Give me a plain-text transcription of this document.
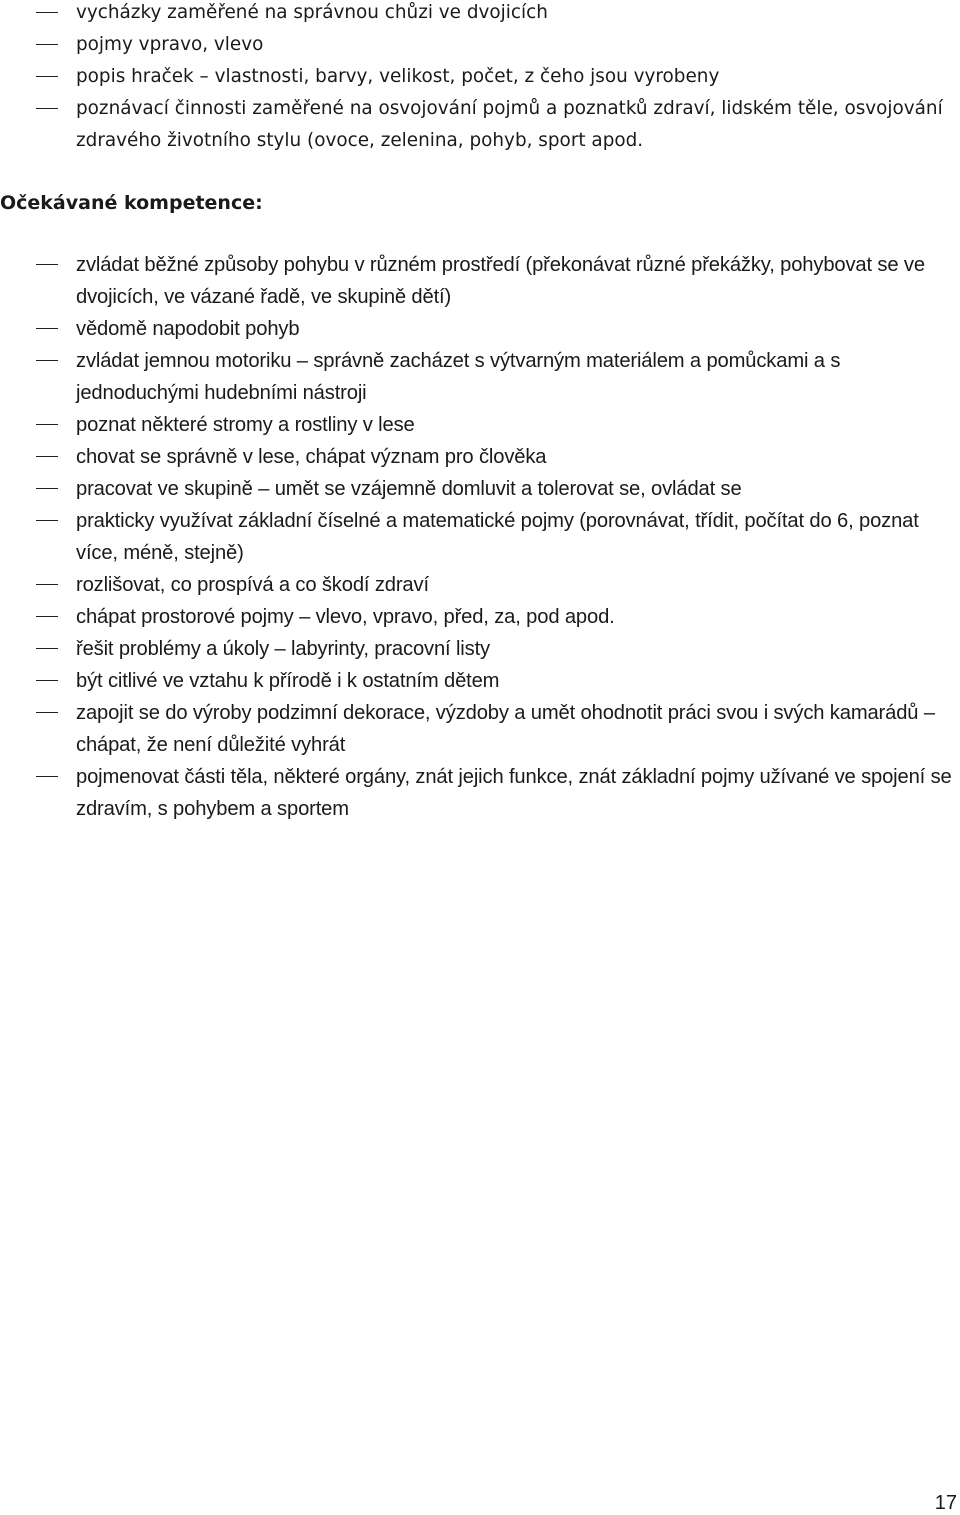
vycházky zaměřené na správnou chůzi ve dvojicích
pojmy vpravo, vlevo
popis hraček – vlastnosti, barvy, velikost, počet, z čeho jsou vyrobeny
poznávací činnosti zaměřené na osvojování pojmů a poznatků zdraví, lidském těle, osvojování zdravého životního stylu (ovoce, zelenina, pohyb, sport apod.
Očekávané kompetence:
zvládat běžné způsoby pohybu v různém prostředí (překonávat různé překážky, pohybovat se ve dvojicích, ve vázané řadě, ve skupině dětí)
vědomě napodobit pohyb
zvládat jemnou motoriku – správně zacházet s výtvarným materiálem a pomůckami a s jednoduchými hudebními nástroji
poznat některé stromy a rostliny v lese
chovat se správně v lese, chápat význam pro člověka
pracovat ve skupině – umět se vzájemně domluvit a tolerovat se, ovládat se
prakticky využívat základní číselné a matematické pojmy (porovnávat, třídit, počítat do 6, poznat více, méně, stejně)
rozlišovat, co prospívá a co škodí zdraví
chápat prostorové pojmy – vlevo, vpravo, před, za, pod apod.
řešit problémy a úkoly – labyrinty, pracovní listy
být citlivé ve vztahu k přírodě i k ostatním dětem
zapojit se do výroby podzimní dekorace, výzdoby a umět ohodnotit práci svou i svých kamarádů – chápat, že není důležité vyhrát
pojmenovat části těla, některé orgány, znát jejich funkce, znát základní pojmy užívané ve spojení se zdravím, s pohybem a sportem
17
